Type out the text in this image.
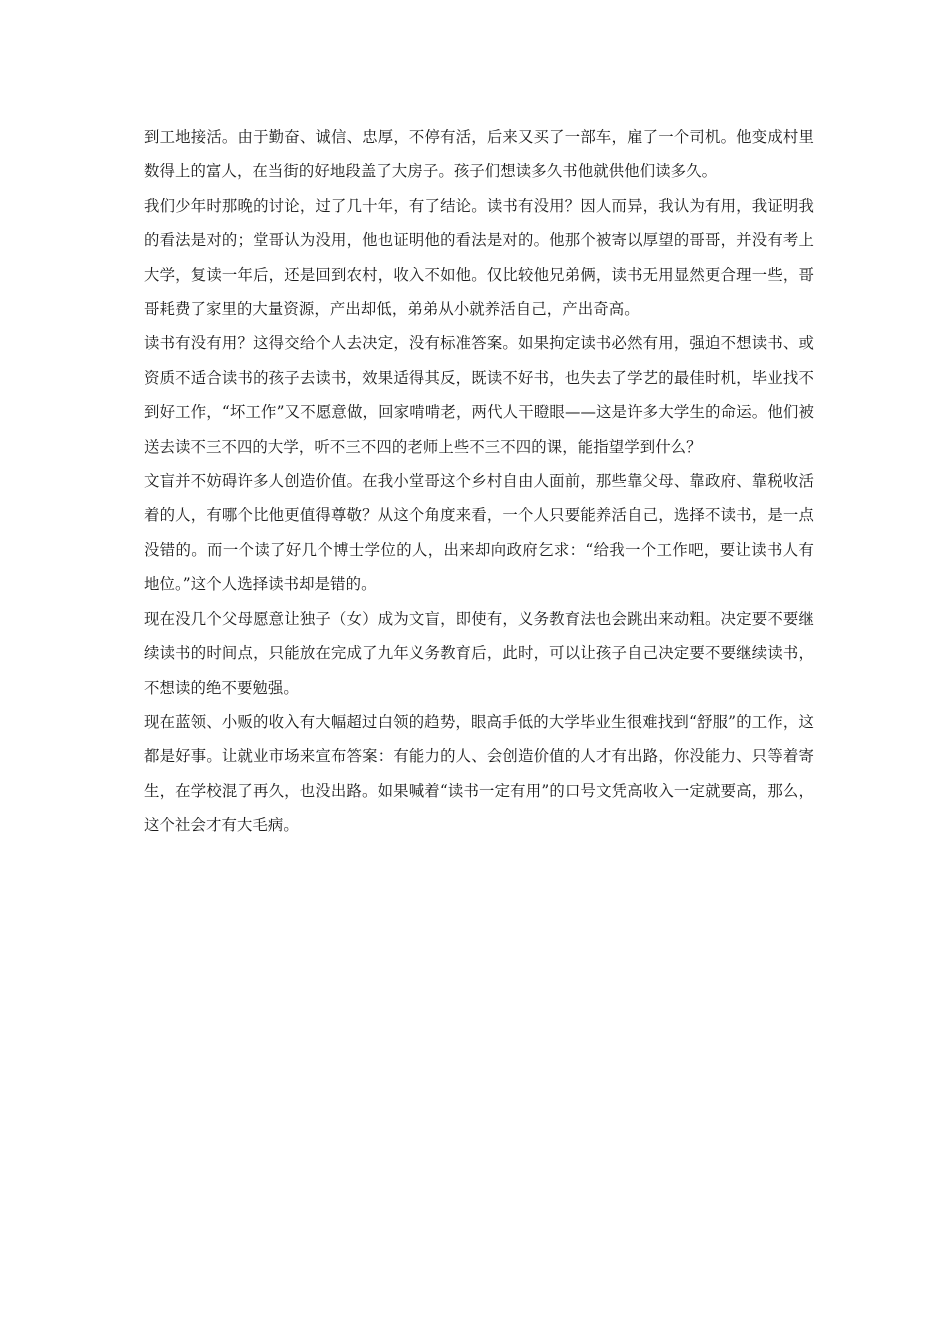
到工地接活。由于勤奋、诚信、忠厚，不停有活，后来又买了一部车，雇了一个司机。他变成村里数得上的富人，在当街的好地段盖了大房子。孩子们想读多久书他就供他们读多久。

我们少年时那晚的讨论，过了几十年，有了结论。读书有没用？因人而异，我认为有用，我证明我的看法是对的；堂哥认为没用，他也证明他的看法是对的。他那个被寄以厚望的哥哥，并没有考上大学，复读一年后，还是回到农村，收入不如他。仅比较他兄弟俩，读书无用显然更合理一些，哥哥耗费了家里的大量资源，产出却低，弟弟从小就养活自己，产出奇高。

读书有没有用？这得交给个人去决定，没有标准答案。如果拘定读书必然有用，强迫不想读书、或资质不适合读书的孩子去读书，效果适得其反，既读不好书，也失去了学艺的最佳时机，毕业找不到好工作，“坏工作”又不愿意做，回家啃啃老，两代人干瞪眼——这是许多大学生的命运。他们被送去读不三不四的大学，听不三不四的老师上些不三不四的课，能指望学到什么？

文盲并不妨碍许多人创造价值。在我小堂哥这个乡村自由人面前，那些靠父母、靠政府、靠税收活着的人，有哪个比他更值得尊敬？从这个角度来看，一个人只要能养活自己，选择不读书，是一点没错的。而一个读了好几个博士学位的人，出来却向政府乞求：“给我一个工作吧，要让读书人有地位。”这个人选择读书却是错的。

现在没几个父母愿意让独子（女）成为文盲，即使有，义务教育法也会跳出来动粗。决定要不要继续读书的时间点，只能放在完成了九年义务教育后，此时，可以让孩子自己决定要不要继续读书，不想读的绝不要勉强。

现在蓝领、小贩的收入有大幅超过白领的趋势，眼高手低的大学毕业生很难找到“舒服”的工作，这都是好事。让就业市场来宣布答案：有能力的人、会创造价值的人才有出路，你没能力、只等着寄生，在学校混了再久，也没出路。如果喊着“读书一定有用”的口号文凭高收入一定就要高，那么，这个社会才有大毛病。
